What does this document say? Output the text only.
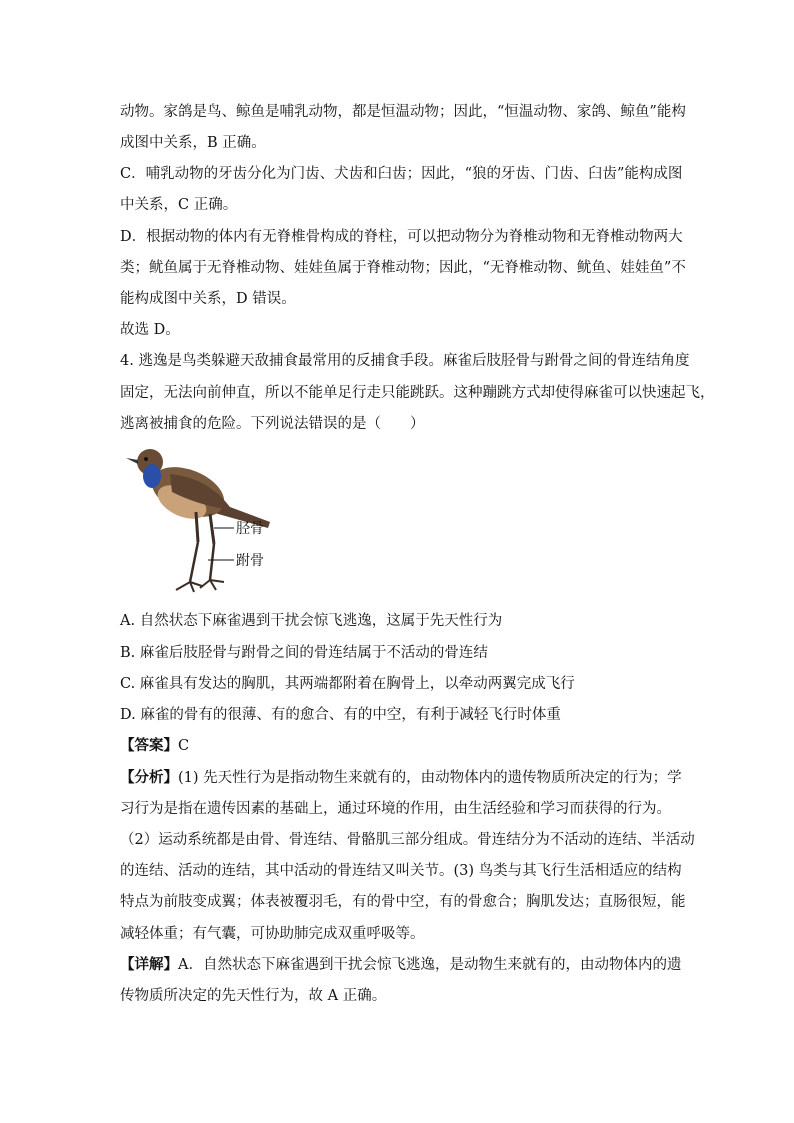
动物。家鸽是鸟、鲸鱼是哺乳动物，都是恒温动物；因此，“恒温动物、家鸽、鲸鱼”能构
成图中关系，B 正确。
C．哺乳动物的牙齿分化为门齿、犬齿和臼齿；因此，“狼的牙齿、门齿、臼齿”能构成图
中关系，C 正确。
D．根据动物的体内有无脊椎骨构成的脊柱，可以把动物分为脊椎动物和无脊椎动物两大
类；鱿鱼属于无脊椎动物、娃娃鱼属于脊椎动物；因此，“无脊椎动物、鱿鱼、娃娃鱼”不
能构成图中关系，D 错误。
故选 D。
4. 逃逸是鸟类躲避天敌捕食最常用的反捕食手段。麻雀后肢胫骨与跗骨之间的骨连结角度
固定，无法向前伸直，所以不能单足行走只能跳跃。这种蹦跳方式却使得麻雀可以快速起飞，
逃离被捕食的危险。下列说法错误的是（　　）
胫骨
跗骨
A. 自然状态下麻雀遇到干扰会惊飞逃逸，这属于先天性行为
B. 麻雀后肢胫骨与跗骨之间的骨连结属于不活动的骨连结
C. 麻雀具有发达的胸肌，其两端都附着在胸骨上，以牵动两翼完成飞行
D. 麻雀的骨有的很薄、有的愈合、有的中空，有利于减轻飞行时体重
【答案】C
【分析】(1) 先天性行为是指动物生来就有的，由动物体内的遗传物质所决定的行为；学
习行为是指在遗传因素的基础上，通过环境的作用，由生活经验和学习而获得的行为。
（2）运动系统都是由骨、骨连结、骨骼肌三部分组成。骨连结分为不活动的连结、半活动
的连结、活动的连结，其中活动的骨连结又叫关节。(3) 鸟类与其飞行生活相适应的结构
特点为前肢变成翼；体表被覆羽毛，有的骨中空，有的骨愈合；胸肌发达；直肠很短，能
减轻体重；有气囊，可协助肺完成双重呼吸等。
【详解】A．自然状态下麻雀遇到干扰会惊飞逃逸，是动物生来就有的，由动物体内的遗
传物质所决定的先天性行为，故 A 正确。
